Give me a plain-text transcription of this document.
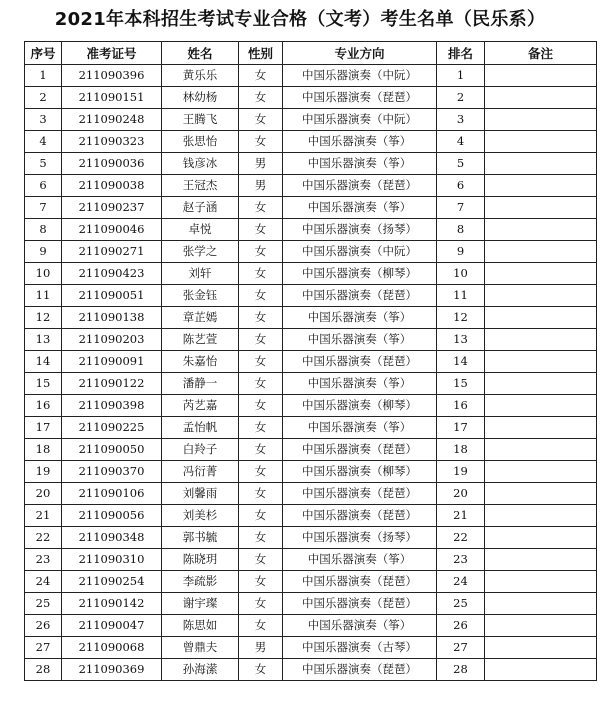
2021年本科招生考试专业合格（文考）考生名单（民乐系）
序号	准考证号	姓名	性别	专业方向	排名	备注
1	211090396	黄乐乐	女	中国乐器演奏（中阮）	1	
2	211090151	林幼杨	女	中国乐器演奏（琵琶）	2	
3	211090248	王腾飞	女	中国乐器演奏（中阮）	3	
4	211090323	张思怡	女	中国乐器演奏（筝）	4	
5	211090036	钱彦冰	男	中国乐器演奏（筝）	5	
6	211090038	王冠杰	男	中国乐器演奏（琵琶）	6	
7	211090237	赵子涵	女	中国乐器演奏（筝）	7	
8	211090046	卓悦	女	中国乐器演奏（扬琴）	8	
9	211090271	张学之	女	中国乐器演奏（中阮）	9	
10	211090423	刘轩	女	中国乐器演奏（柳琴）	10	
11	211090051	张金钰	女	中国乐器演奏（琵琶）	11	
12	211090138	章芷嫣	女	中国乐器演奏（筝）	12	
13	211090203	陈艺萱	女	中国乐器演奏（筝）	13	
14	211090091	朱嘉怡	女	中国乐器演奏（琵琶）	14	
15	211090122	潘静一	女	中国乐器演奏（筝）	15	
16	211090398	芮艺嘉	女	中国乐器演奏（柳琴）	16	
17	211090225	孟怡帆	女	中国乐器演奏（筝）	17	
18	211090050	白羚子	女	中国乐器演奏（琵琶）	18	
19	211090370	冯衍菁	女	中国乐器演奏（柳琴）	19	
20	211090106	刘馨雨	女	中国乐器演奏（琵琶）	20	
21	211090056	刘美杉	女	中国乐器演奏（琵琶）	21	
22	211090348	郭书毓	女	中国乐器演奏（扬琴）	22	
23	211090310	陈晓玥	女	中国乐器演奏（筝）	23	
24	211090254	李疏影	女	中国乐器演奏（琵琶）	24	
25	211090142	谢宇璨	女	中国乐器演奏（琵琶）	25	
26	211090047	陈思如	女	中国乐器演奏（筝）	26	
27	211090068	曾鼎夫	男	中国乐器演奏（古琴）	27	
28	211090369	孙海潆	女	中国乐器演奏（琵琶）	28	
